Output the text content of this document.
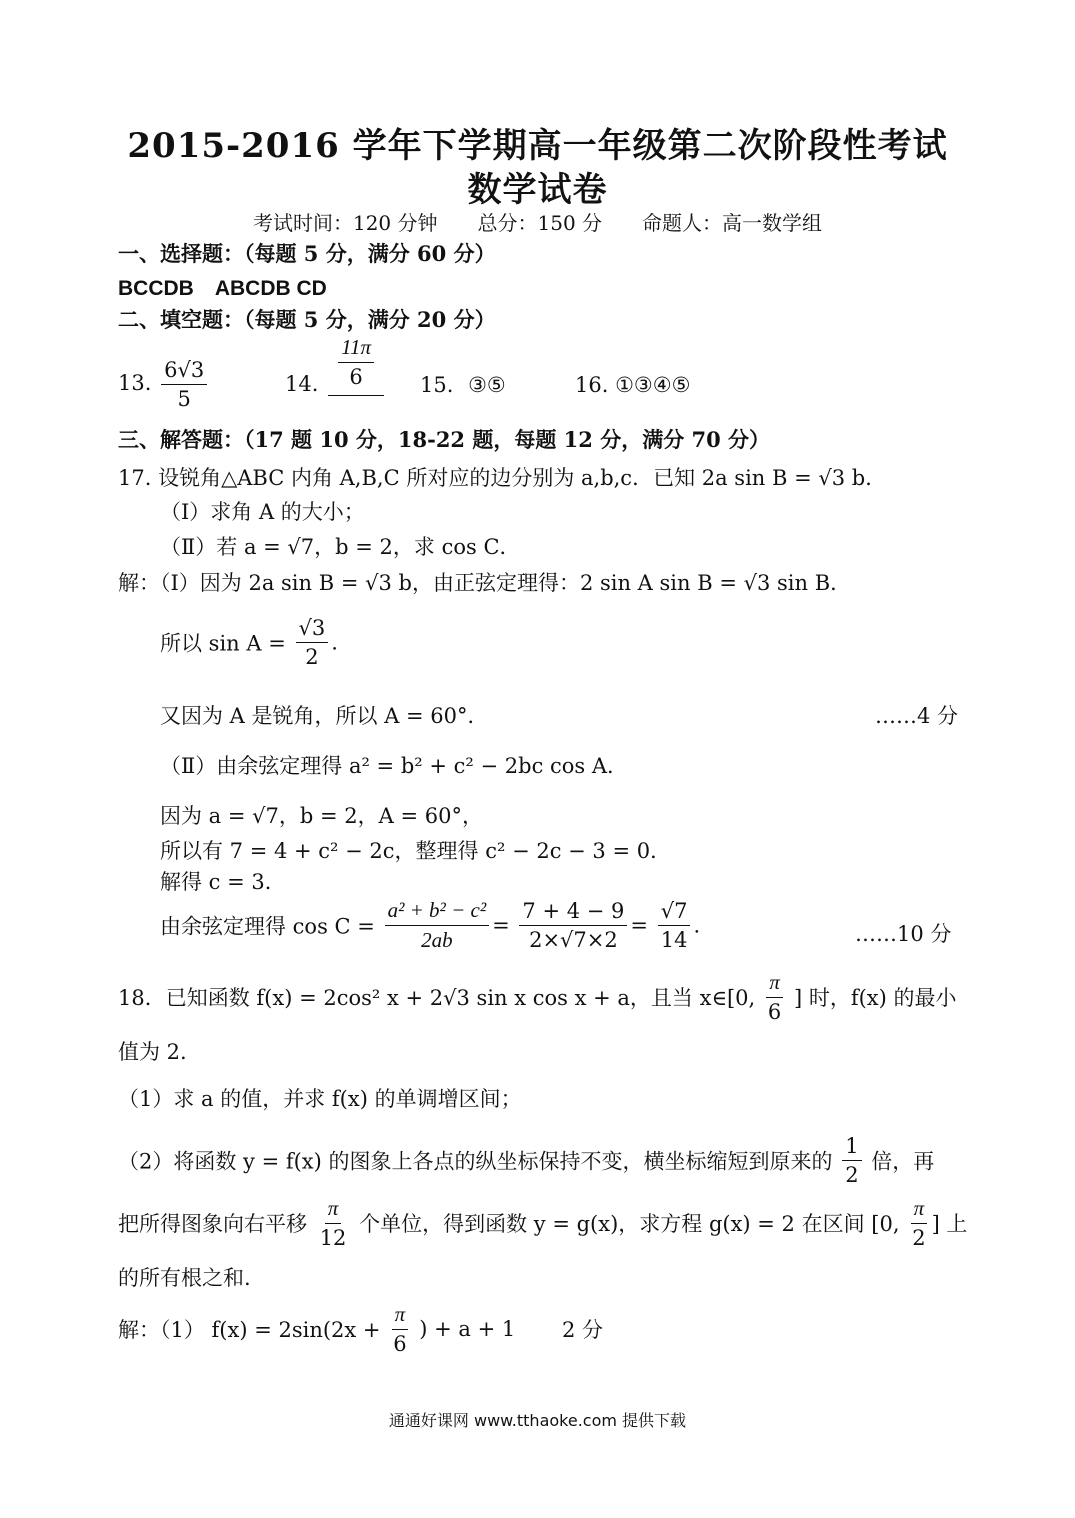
2015-2016 学年下学期高一年级第二次阶段性考试
数学试卷
考试时间：120 分钟　　总分：150 分　　命题人：高一数学组
一、选择题：（每题 5 分，满分 60 分）
BCCDB　ABCDB CD
二、填空题：（每题 5 分，满分 20 分）
13. $\frac{6√3}{5}$	14. $\frac{11\pi}{6} 15$. ③⑤	16. ①③④⑤
三、解答题：（17 题 10 分，18-22 题，每题 12 分，满分 70 分）
17. 设锐角△ABC 内角 A,B,C 所对应的边分别为 a,b,c．已知 2a sin B = √3 b．
（Ⅰ）求角 A 的大小；
（Ⅱ）若 a = √7，b = 2，求 cos C．
解：（Ⅰ）因为 2a sin B = √3 b，由正弦定理得：2 sin A sin B = √3 sin B．
所以 $\sin A = \frac{√3}{2}$ .
又因为 A 是锐角，所以 A = 60°．	……4 分
（Ⅱ）由余弦定理得 a² = b² + c² − 2bc cos A．
因为 a = √7，b = 2，A = 60°，
所以有 7 = 4 + c² − 2c，整理得 c² − 2c − 3 = 0．
解得 c = 3．
由余弦定理得 $\cos C = \frac{\text{a² + b² − c²}}{2ab} = \frac{7 + 4 - 9}{2\times√7\times 2} = \frac{√7}{14}$ .	……10 分
18．已知函数 f(x) = 2cos² x + 2√3 sin x cos x + a，且当 x∈[0, $\frac{\pi}{6}$ ] 时，f(x) 的最小
值为 2.
（1）求 a 的值，并求 f(x) 的单调增区间；
（2）将函数 y = f(x) 的图象上各点的纵坐标保持不变，横坐标缩短到原来的 $\frac{1}{2}$ 倍，再
把所得图象向右平移 $\frac{\pi}{12}$ 个单位，得到函数 y = g(x)，求方程 g(x) = 2 在区间 [0, $\frac{\pi}{2}$ ] 上
的所有根之和.
解：（1） $f(x) = 2\sin(2x + \frac{\pi}{6}$ ) + a + 1 2 分
通通好课网 www.tthaoke.com 提供下载
